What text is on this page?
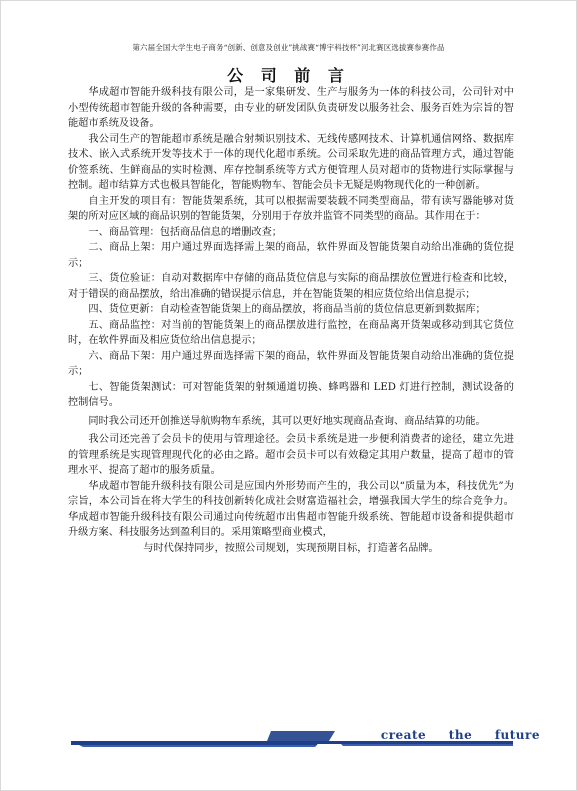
第六届全国大学生电子商务“创新、创意及创业”挑战赛“博宇科技杯”河北赛区选拔赛参赛作品
公 司 前 言

华成超市智能升级科技有限公司，是一家集研发、生产与服务为一体的科技公司，公司针对中小型传统超市智能升级的各种需要，由专业的研发团队负责研发以服务社会、服务百姓为宗旨的智能超市系统及设备。

我公司生产的智能超市系统是融合射频识别技术、无线传感网技术、计算机通信网络、数据库技术、嵌入式系统开发等技术于一体的现代化超市系统。公司采取先进的商品管理方式，通过智能价签系统、生鲜商品的实时检测、库存控制系统等方式方便管理人员对超市的货物进行实际掌握与控制。超市结算方式也极具智能化，智能购物车、智能会员卡无疑是购物现代化的一种创新。

自主开发的项目有：智能货架系统，其可以根据需要装载不同类型商品，带有读写器能够对货架的所对应区域的商品识别的智能货架，分别用于存放并监管不同类型的商品。其作用在于：

一、商品管理：包括商品信息的增删改查；

二、商品上架：用户通过界面选择需上架的商品，软件界面及智能货架自动给出准确的货位提示；

三、货位验证：自动对数据库中存储的商品货位信息与实际的商品摆放位置进行检查和比较，对于错误的商品摆放，给出准确的错误提示信息，并在智能货架的相应货位给出信息提示；

四、货位更新：自动检查智能货架上的商品摆放，将商品当前的货位信息更新到数据库；

五、商品监控：对当前的智能货架上的商品摆放进行监控，在商品离开货架或移动到其它货位时，在软件界面及相应货位给出信息提示；

六、商品下架：用户通过界面选择需下架的商品，软件界面及智能货架自动给出准确的货位提示；

七、智能货架测试：可对智能货架的射频通道切换、蜂鸣器和 LED 灯进行控制，测试设备的控制信号。

同时我公司还开创推送导航购物车系统，其可以更好地实现商品查询、商品结算的功能。

我公司还完善了会员卡的使用与管理途径。会员卡系统是进一步便利消费者的途径，建立先进的管理系统是实现管理现代化的必由之路。超市会员卡可以有效稳定其用户数量，提高了超市的管理水平、提高了超市的服务质量。

华成超市智能升级科技有限公司是应国内外形势而产生的，我公司以“质量为本，科技优先”为宗旨，本公司旨在将大学生的科技创新转化成社会财富造福社会，增强我国大学生的综合竞争力。华成超市智能升级科技有限公司通过向传统超市出售超市智能升级系统、智能超市设备和提供超市升级方案、科技服务达到盈利目的。采用策略型商业模式，

与时代保持同步，按照公司规划，实现预期目标，打造著名品牌。

create the future
